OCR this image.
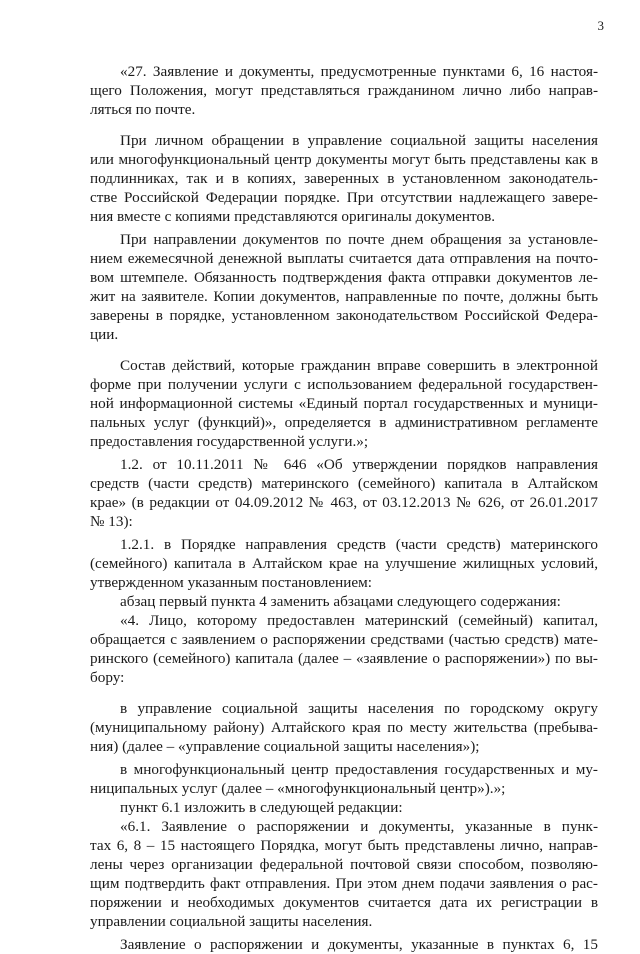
3
«27. Заявление и документы, предусмотренные пунктами 6, 16 настоя-
щего Положения, могут представляться гражданином лично либо направ-
ляться по почте.
При личном обращении в управление социальной защиты населения
или многофункциональный центр документы могут быть представлены как в
подлинниках, так и в копиях, заверенных в установленном законодатель-
стве Российской Федерации порядке. При отсутствии надлежащего завере-
ния вместе с копиями представляются оригиналы документов.
При направлении документов по почте днем обращения за установле-
нием ежемесячной денежной выплаты считается дата отправления на почто-
вом штемпеле. Обязанность подтверждения факта отправки документов ле-
жит на заявителе. Копии документов, направленные по почте, должны быть
заверены в порядке, установленном законодательством Российской Федера-
ции.
Состав действий, которые гражданин вправе совершить в электронной
форме при получении услуги с использованием федеральной государствен-
ной информационной системы «Единый портал государственных и муници-
пальных услуг (функций)», определяется в административном регламенте
предоставления государственной услуги.»;
1.2. от 10.11.2011 № 646 «Об утверждении порядков направления
средств (части средств) материнского (семейного) капитала в Алтайском
крае» (в редакции от 04.09.2012 № 463, от 03.12.2013 № 626, от 26.01.2017
№ 13):
1.2.1. в Порядке направления средств (части средств) материнского
(семейного) капитала в Алтайском крае на улучшение жилищных условий,
утвержденном указанным постановлением:
абзац первый пункта 4 заменить абзацами следующего содержания:
«4. Лицо, которому предоставлен материнский (семейный) капитал,
обращается с заявлением о распоряжении средствами (частью средств) мате-
ринского (семейного) капитала (далее – «заявление о распоряжении») по вы-
бору:
в управление социальной защиты населения по городскому округу
(муниципальному району) Алтайского края по месту жительства (пребыва-
ния) (далее – «управление социальной защиты населения»);
в многофункциональный центр предоставления государственных и му-
ниципальных услуг (далее – «многофункциональный центр»).»;
пункт 6.1 изложить в следующей редакции:
«6.1. Заявление о распоряжении и документы, указанные в пунк-
тах 6, 8 – 15 настоящего Порядка, могут быть представлены лично, направ-
лены через организации федеральной почтовой связи способом, позволяю-
щим подтвердить факт отправления. При этом днем подачи заявления о рас-
поряжении и необходимых документов считается дата их регистрации в
управлении социальной защиты населения.
Заявление о распоряжении и документы, указанные в пунктах 6, 15
